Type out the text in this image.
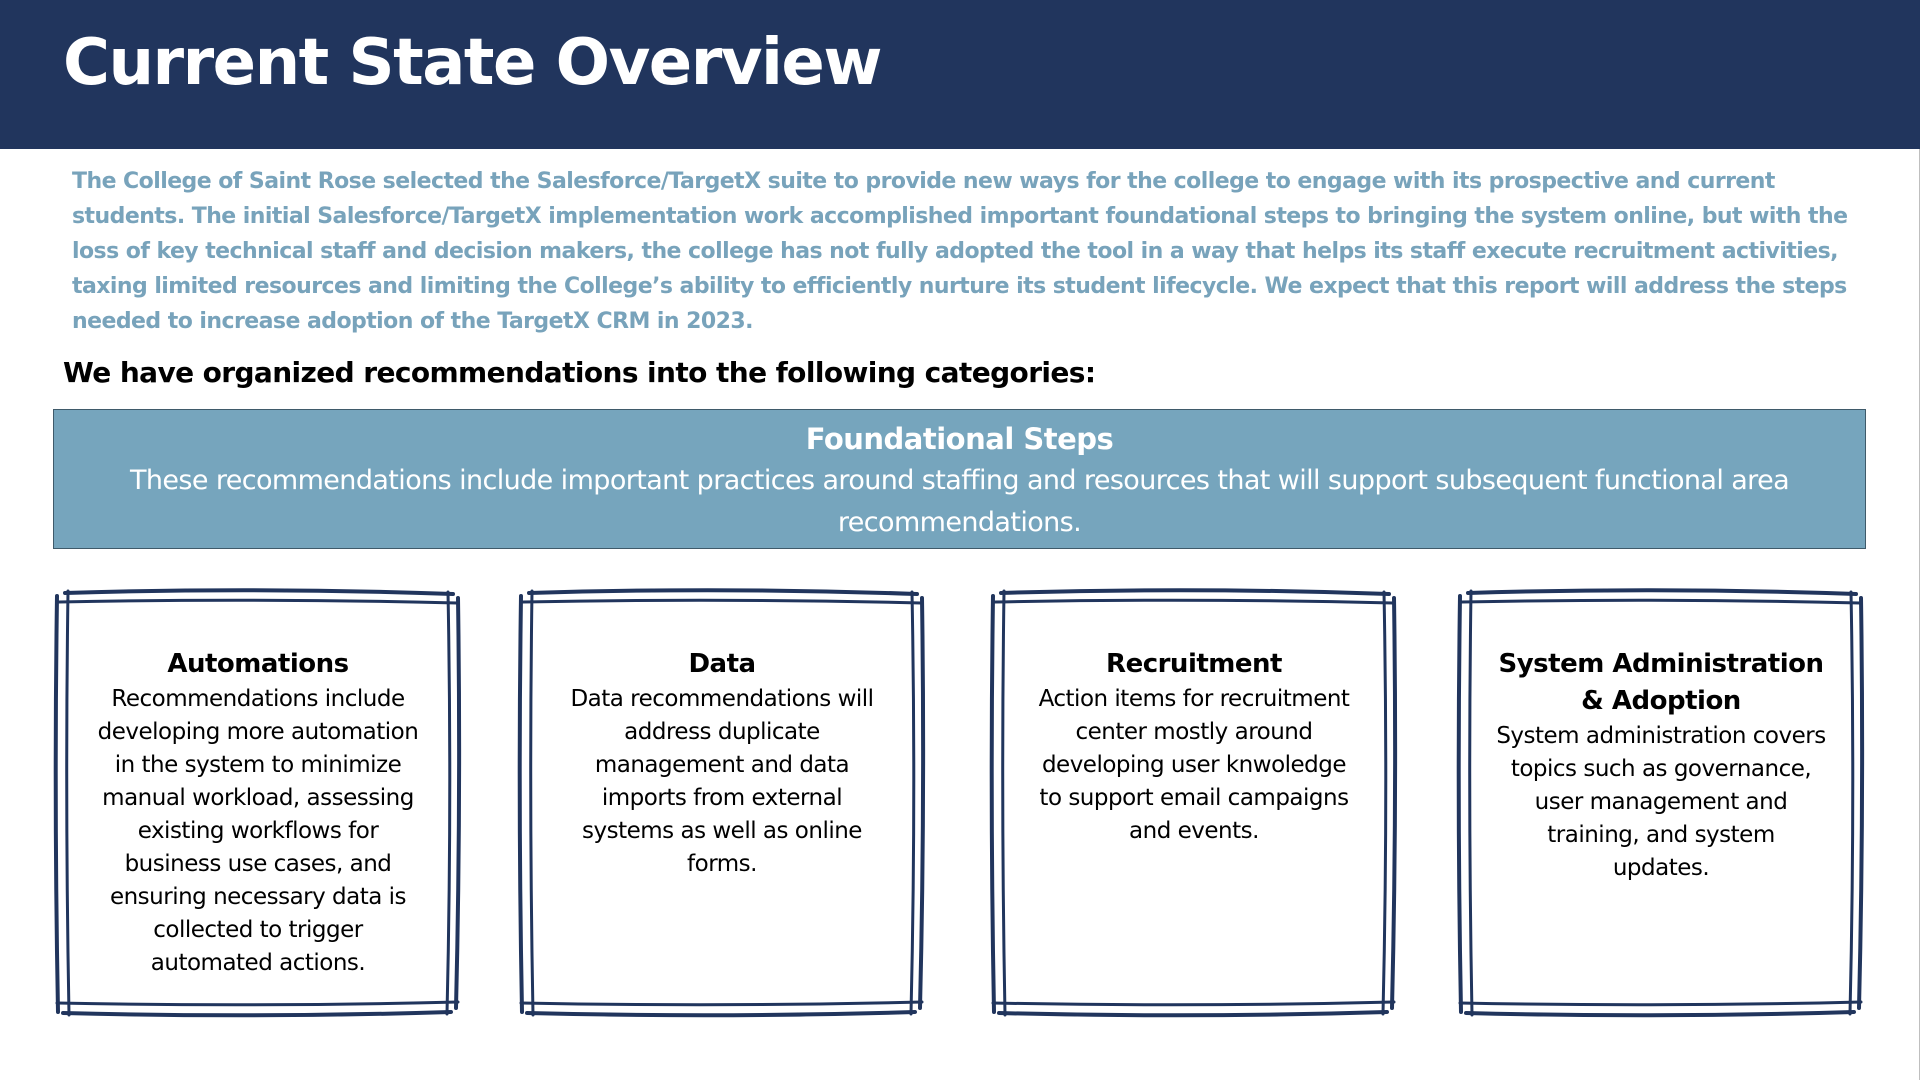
Current State Overview

The College of Saint Rose selected the Salesforce/TargetX suite to provide new ways for the college to engage with its prospective and current students. The initial Salesforce/TargetX implementation work accomplished important foundational steps to bringing the system online, but with the loss of key technical staff and decision makers, the college has not fully adopted the tool in a way that helps its staff execute recruitment activities, taxing limited resources and limiting the College’s ability to efficiently nurture its student lifecycle. We expect that this report will address the steps needed to increase adoption of the TargetX CRM in 2023.

We have organized recommendations into the following categories:
Foundational Steps
These recommendations include important practices around staffing and resources that will support subsequent functional area recommendations.
Automations
Recommendations include developing more automation in the system to minimize manual workload, assessing existing workflows for business use cases, and ensuring necessary data is collected to trigger automated actions.
Data
Data recommendations will address duplicate management and data imports from external systems as well as online forms.
Recruitment
Action items for recruitment center mostly around developing user knwoledge to support email campaigns and events.
System Administration & Adoption
System administration covers topics such as governance, user management and training, and system updates.
